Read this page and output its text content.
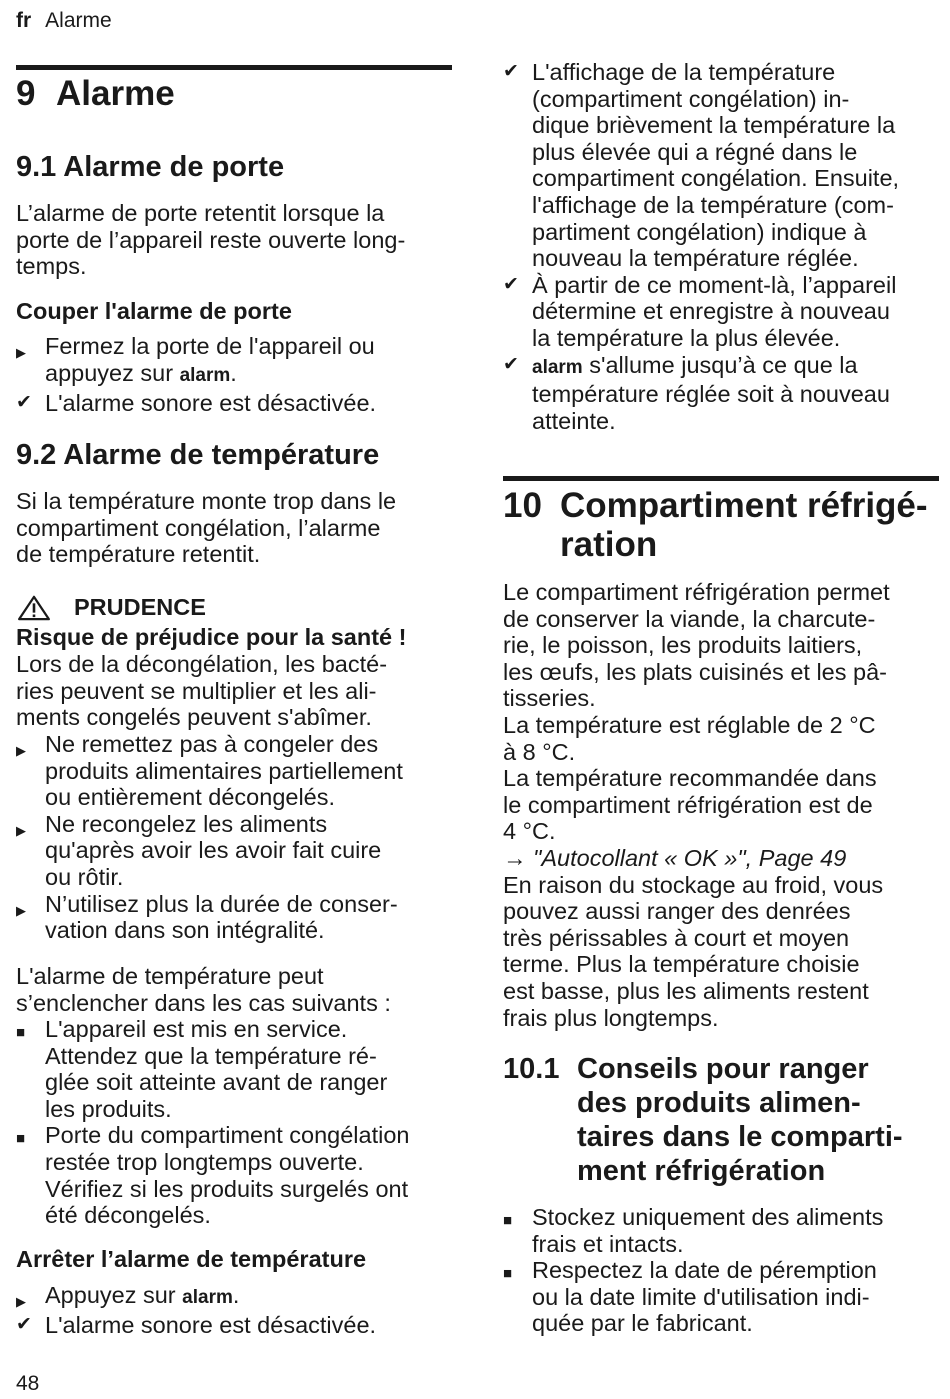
fr Alarme
9 Alarme
9.1 Alarme de porte
L’alarme de porte retentit lorsque la
porte de l’appareil reste ouverte long-
temps.
Couper l'alarme de porte
▶ Fermez la porte de l'appareil ou
appuyez sur alarm.
✔ L'alarme sonore est désactivée.
9.2 Alarme de température
Si la température monte trop dans le
compartiment congélation, l’alarme
de température retentit.
PRUDENCE
Risque de préjudice pour la santé !
Lors de la décongélation, les bacté-
ries peuvent se multiplier et les ali-
ments congelés peuvent s'abîmer.
▶ Ne remettez pas à congeler des
produits alimentaires partiellement
ou entièrement décongelés.
▶ Ne recongelez les aliments
qu'après avoir les avoir fait cuire
ou rôtir.
▶ N’utilisez plus la durée de conser-
vation dans son intégralité.
L'alarme de température peut
s’enclencher dans les cas suivants :
■ L'appareil est mis en service.
Attendez que la température ré-
glée soit atteinte avant de ranger
les produits.
■ Porte du compartiment congélation
restée trop longtemps ouverte.
Vérifiez si les produits surgelés ont
été décongelés.
Arrêter l’alarme de température
▶ Appuyez sur alarm.
✔ L'alarme sonore est désactivée.
✔ L'affichage de la température
(compartiment congélation) in-
dique brièvement la température la
plus élevée qui a régné dans le
compartiment congélation. Ensuite,
l'affichage de la température (com-
partiment congélation) indique à
nouveau la température réglée.
✔ À partir de ce moment-là, l’appareil
détermine et enregistre à nouveau
la température la plus élevée.
✔ alarm s'allume jusqu’à ce que la
température réglée soit à nouveau
atteinte.
10 Compartiment réfrigé-
ration
Le compartiment réfrigération permet
de conserver la viande, la charcute-
rie, le poisson, les produits laitiers,
les œufs, les plats cuisinés et les pâ-
tisseries.
La température est réglable de 2 °C
à 8 °C.
La température recommandée dans
le compartiment réfrigération est de
4 °C.
→ "Autocollant « OK »", Page 49
En raison du stockage au froid, vous
pouvez aussi ranger des denrées
très périssables à court et moyen
terme. Plus la température choisie
est basse, plus les aliments restent
frais plus longtemps.
10.1 Conseils pour ranger
des produits alimen-
taires dans le comparti-
ment réfrigération
■ Stockez uniquement des aliments
frais et intacts.
■ Respectez la date de péremption
ou la date limite d'utilisation indi-
quée par le fabricant.
48
